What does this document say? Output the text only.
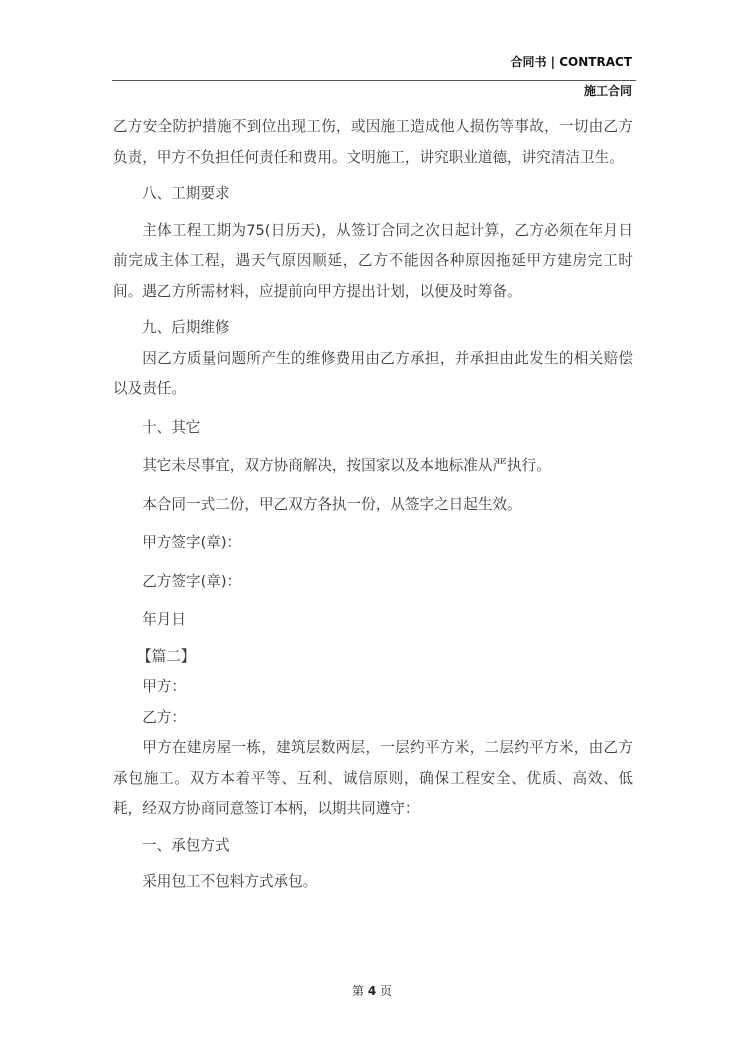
合同书 | CONTRACT
施工合同

乙方安全防护措施不到位出现工伤，或因施工造成他人损伤等事故，一切由乙方负责，甲方不负担任何责任和费用。文明施工，讲究职业道德，讲究清洁卫生。

八、工期要求

主体工程工期为75(日历天)，从签订合同之次日起计算，乙方必须在年月日前完成主体工程，遇天气原因顺延，乙方不能因各种原因拖延甲方建房完工时间。遇乙方所需材料，应提前向甲方提出计划，以便及时筹备。

九、后期维修

因乙方质量问题所产生的维修费用由乙方承担，并承担由此发生的相关赔偿以及责任。

十、其它

其它未尽事宜，双方协商解决，按国家以及本地标准从严执行。

本合同一式二份，甲乙双方各执一份，从签字之日起生效。

甲方签字(章)：

乙方签字(章)：

年月日

【篇二】

甲方：

乙方：

甲方在建房屋一栋，建筑层数两层，一层约平方米，二层约平方米，由乙方承包施工。双方本着平等、互利、诚信原则，确保工程安全、优质、高效、低耗，经双方协商同意签订本柄，以期共同遵守：

一、承包方式

采用包工不包料方式承包。

第 4 页
